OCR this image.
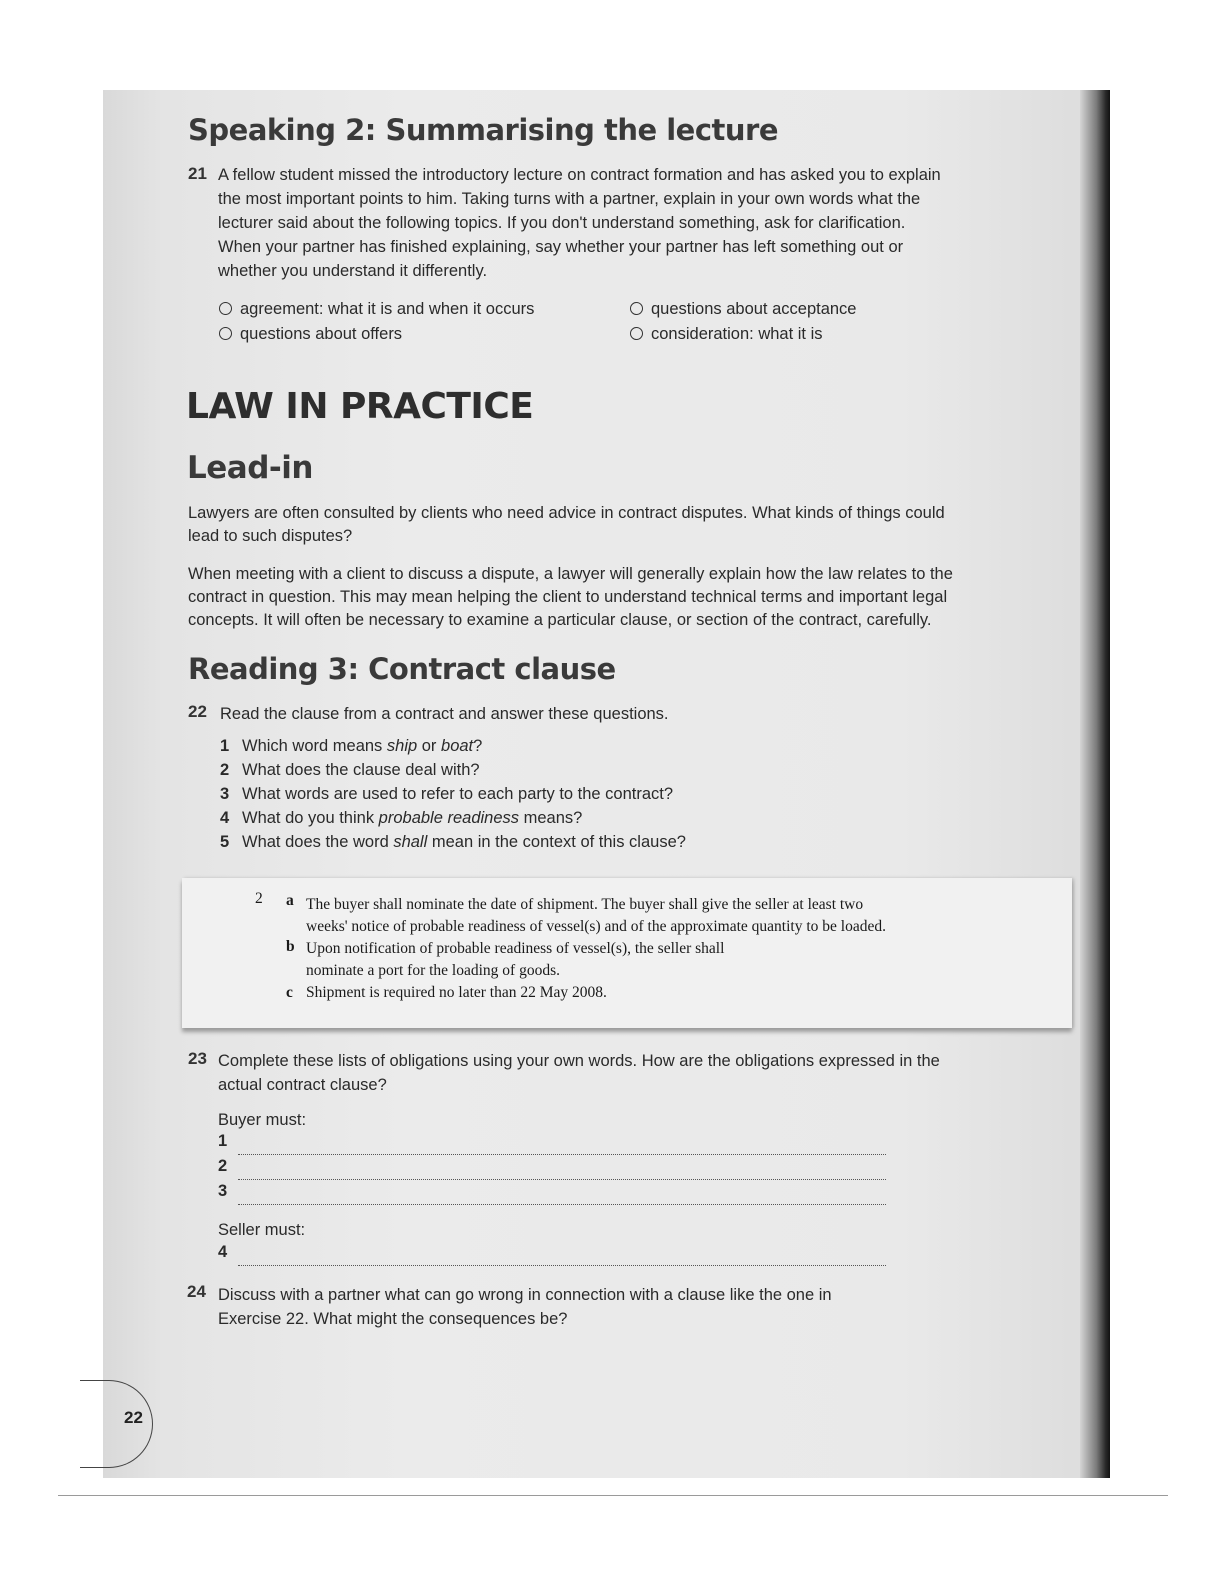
Speaking 2: Summarising the lecture
21 A fellow student missed the introductory lecture on contract formation and has asked you to explain
the most important points to him. Taking turns with a partner, explain in your own words what the
lecturer said about the following topics. If you don't understand something, ask for clarification.
When your partner has finished explaining, say whether your partner has left something out or
whether you understand it differently.
agreement: what it is and when it occurs	questions about acceptance
questions about offers	consideration: what it is
LAW IN PRACTICE
Lead-in
Lawyers are often consulted by clients who need advice in contract disputes. What kinds of things could
lead to such disputes?
When meeting with a client to discuss a dispute, a lawyer will generally explain how the law relates to the
contract in question. This may mean helping the client to understand technical terms and important legal
concepts. It will often be necessary to examine a particular clause, or section of the contract, carefully.
Reading 3: Contract clause
22 Read the clause from a contract and answer these questions.
1 Which word means ship or boat?
2 What does the clause deal with?
3 What words are used to refer to each party to the contract?
4 What do you think probable readiness means?
5 What does the word shall mean in the context of this clause?
2 a The buyer shall nominate the date of shipment. The buyer shall give the seller at least two
weeks' notice of probable readiness of vessel(s) and of the approximate quantity to be loaded.
b Upon notification of probable readiness of vessel(s), the seller shall
nominate a port for the loading of goods.
c Shipment is required no later than 22 May 2008.
23 Complete these lists of obligations using your own words. How are the obligations expressed in the
actual contract clause?
Buyer must:
1
2
3
Seller must:
4
24 Discuss with a partner what can go wrong in connection with a clause like the one in
Exercise 22. What might the consequences be?
22
